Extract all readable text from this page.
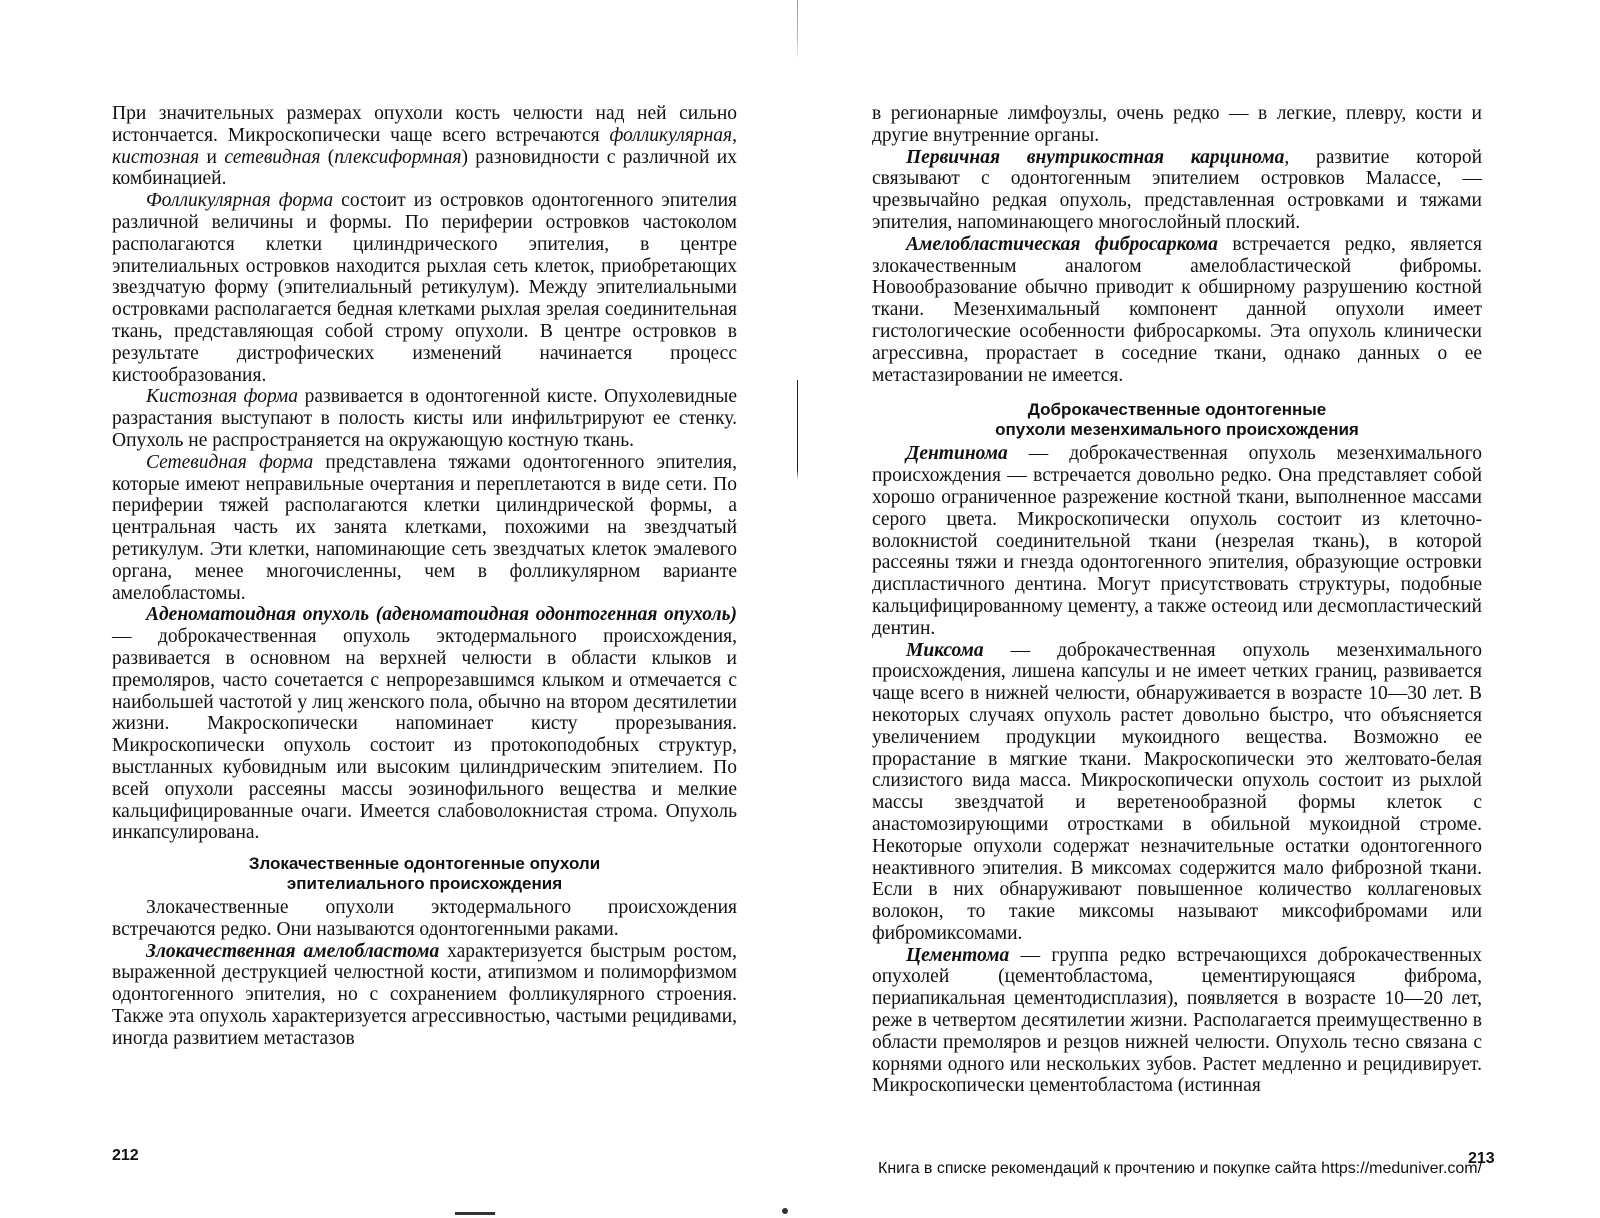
При значительных размерах опухоли кость челюсти над ней сильно истончается. Микроскопически чаще всего встречаются фолликулярная, кистозная и сетевидная (плексиформная) разновидности с различной их комбинацией.

Фолликулярная форма состоит из островков одонтогенного эпителия различной величины и формы. По периферии островков частоколом располагаются клетки цилиндрического эпителия, в центре эпителиальных островков находится рыхлая сеть клеток, приобретающих звездчатую форму (эпителиальный ретикулум). Между эпителиальными островками располагается бедная клетками рыхлая зрелая соединительная ткань, представляющая собой строму опухоли. В центре островков в результате дистрофических изменений начинается процесс кистообразования.

Кистозная форма развивается в одонтогенной кисте. Опухолевидные разрастания выступают в полость кисты или инфильтрируют ее стенку. Опухоль не распространяется на окружающую костную ткань.

Сетевидная форма представлена тяжами одонтогенного эпителия, которые имеют неправильные очертания и переплетаются в виде сети. По периферии тяжей располагаются клетки цилиндрической формы, а центральная часть их занята клетками, похожими на звездчатый ретикулум. Эти клетки, напоминающие сеть звездчатых клеток эмалевого органа, менее многочисленны, чем в фолликулярном варианте амелобластомы.

Аденоматоидная опухоль (аденоматоидная одонтогенная опухоль) — доброкачественная опухоль эктодермального происхождения, развивается в основном на верхней челюсти в области клыков и премоляров, часто сочетается с непрорезавшимся клыком и отмечается с наибольшей частотой у лиц женского пола, обычно на втором десятилетии жизни. Макроскопически напоминает кисту прорезывания. Микроскопически опухоль состоит из протокоподобных структур, выстланных кубовидным или высоким цилиндрическим эпителием. По всей опухоли рассеяны массы эозинофильного вещества и мелкие кальцифицированные очаги. Имеется слабоволокнистая строма. Опухоль инкапсулирована.

Злокачественные одонтогенные опухоли
эпителиального происхождения

Злокачественные опухоли эктодермального происхождения встречаются редко. Они называются одонтогенными раками.

Злокачественная амелобластома характеризуется быстрым ростом, выраженной деструкцией челюстной кости, атипизмом и полиморфизмом одонтогенного эпителия, но с сохранением фолликулярного строения. Также эта опухоль характеризуется агрессивностью, частыми рецидивами, иногда развитием метастазов

212

в регионарные лимфоузлы, очень редко — в легкие, плевру, кости и другие внутренние органы.

Первичная внутрикостная карцинома, развитие которой связывают с одонтогенным эпителием островков Малассе, — чрезвычайно редкая опухоль, представленная островками и тяжами эпителия, напоминающего многослойный плоский.

Амелобластическая фибросаркома встречается редко, является злокачественным аналогом амелобластической фибромы. Новообразование обычно приводит к обширному разрушению костной ткани. Мезенхимальный компонент данной опухоли имеет гистологические особенности фибросаркомы. Эта опухоль клинически агрессивна, прорастает в соседние ткани, однако данных о ее метастазировании не имеется.

Доброкачественные одонтогенные
опухоли мезенхимального происхождения

Дентинома — доброкачественная опухоль мезенхимального происхождения — встречается довольно редко. Она представляет собой хорошо ограниченное разрежение костной ткани, выполненное массами серого цвета. Микроскопически опухоль состоит из клеточно-волокнистой соединительной ткани (незрелая ткань), в которой рассеяны тяжи и гнезда одонтогенного эпителия, образующие островки диспластичного дентина. Могут присутствовать структуры, подобные кальцифицированному цементу, а также остеоид или десмопластический дентин.

Миксома — доброкачественная опухоль мезенхимального происхождения, лишена капсулы и не имеет четких границ, развивается чаще всего в нижней челюсти, обнаруживается в возрасте 10—30 лет. В некоторых случаях опухоль растет довольно быстро, что объясняется увеличением продукции мукоидного вещества. Возможно ее прорастание в мягкие ткани. Макроскопически это желтовато-белая слизистого вида масса. Микроскопически опухоль состоит из рыхлой массы звездчатой и веретенообразной формы клеток с анастомозирующими отростками в обильной мукоидной строме. Некоторые опухоли содержат незначительные остатки одонтогенного неактивного эпителия. В миксомах содержится мало фиброзной ткани. Если в них обнаруживают повышенное количество коллагеновых волокон, то такие миксомы называют миксофибромами или фибромиксомами.

Цементома — группа редко встречающихся доброкачественных опухолей (цементобластома, цементирующаяся фиброма, периапикальная цементодисплазия), появляется в возрасте 10—20 лет, реже в четвертом десятилетии жизни. Располагается преимущественно в области премоляров и резцов нижней челюсти. Опухоль тесно связана с корнями одного или нескольких зубов. Растет медленно и рецидивирует. Микроскопически цементобластома (истинная

213
Книга в списке рекомендаций к прочтению и покупке сайта https://meduniver.com/
